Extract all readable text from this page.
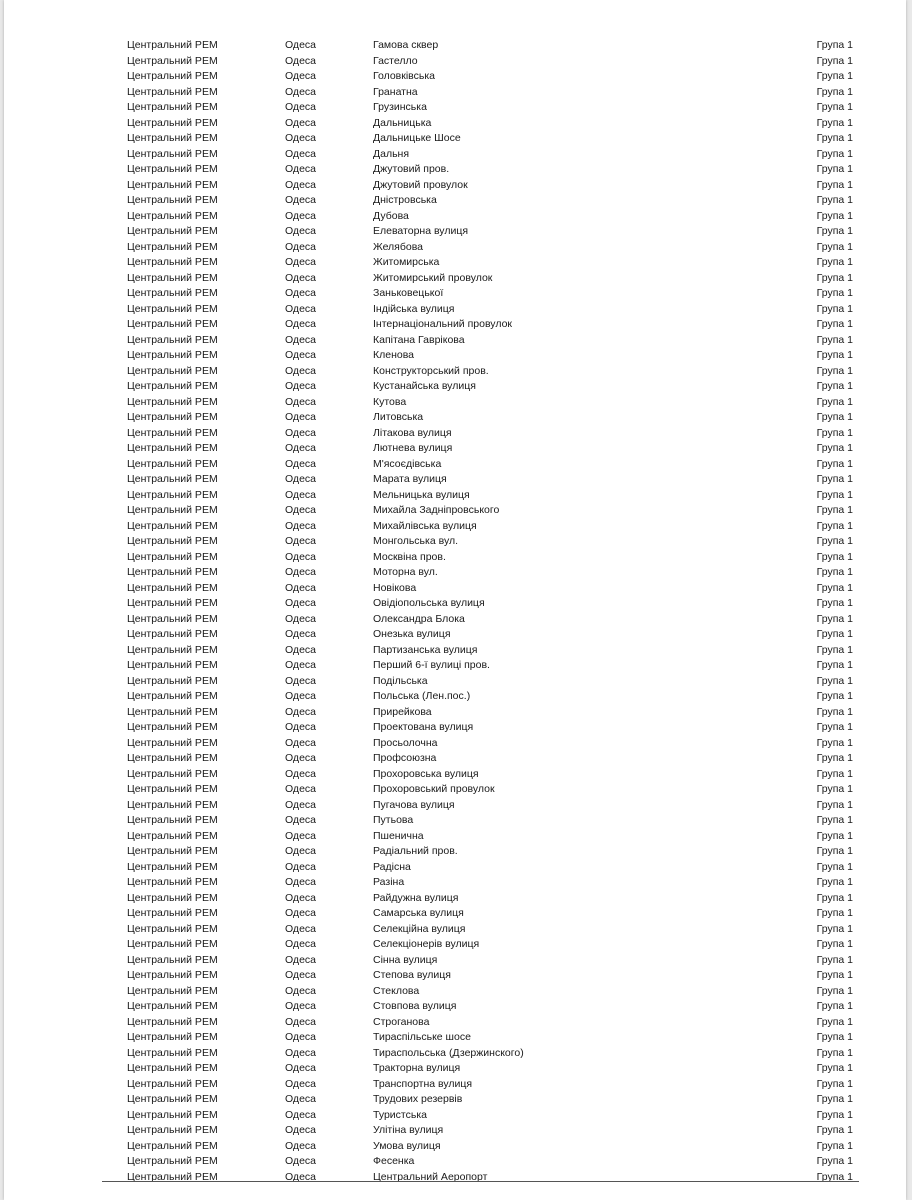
Центральний РЕМ	Одеса	Гамова сквер	Група 1
Центральний РЕМ	Одеса	Гастелло	Група 1
Центральний РЕМ	Одеса	Головківська	Група 1
Центральний РЕМ	Одеса	Гранатна	Група 1
Центральний РЕМ	Одеса	Грузинська	Група 1
Центральний РЕМ	Одеса	Дальницька	Група 1
Центральний РЕМ	Одеса	Дальницьке Шосе	Група 1
Центральний РЕМ	Одеса	Дальня	Група 1
Центральний РЕМ	Одеса	Джутовий пров.	Група 1
Центральний РЕМ	Одеса	Джутовий провулок	Група 1
Центральний РЕМ	Одеса	Дністровська	Група 1
Центральний РЕМ	Одеса	Дубова	Група 1
Центральний РЕМ	Одеса	Елеваторна вулиця	Група 1
Центральний РЕМ	Одеса	Желябова	Група 1
Центральний РЕМ	Одеса	Житомирська	Група 1
Центральний РЕМ	Одеса	Житомирський провулок	Група 1
Центральний РЕМ	Одеса	Заньковецької	Група 1
Центральний РЕМ	Одеса	Індійська вулиця	Група 1
Центральний РЕМ	Одеса	Інтернаціональний провулок	Група 1
Центральний РЕМ	Одеса	Капітана Гаврікова	Група 1
Центральний РЕМ	Одеса	Кленова	Група 1
Центральний РЕМ	Одеса	Конструкторський пров.	Група 1
Центральний РЕМ	Одеса	Кустанайська вулиця	Група 1
Центральний РЕМ	Одеса	Кутова	Група 1
Центральний РЕМ	Одеса	Литовська	Група 1
Центральний РЕМ	Одеса	Літакова вулиця	Група 1
Центральний РЕМ	Одеса	Лютнева вулиця	Група 1
Центральний РЕМ	Одеса	М'ясоєдівська	Група 1
Центральний РЕМ	Одеса	Марата вулиця	Група 1
Центральний РЕМ	Одеса	Мельницька вулиця	Група 1
Центральний РЕМ	Одеса	Михайла Задніпровського	Група 1
Центральний РЕМ	Одеса	Михайлівська вулиця	Група 1
Центральний РЕМ	Одеса	Монгольська вул.	Група 1
Центральний РЕМ	Одеса	Москвіна пров.	Група 1
Центральний РЕМ	Одеса	Моторна вул.	Група 1
Центральний РЕМ	Одеса	Новікова	Група 1
Центральний РЕМ	Одеса	Овідіопольська вулиця	Група 1
Центральний РЕМ	Одеса	Олександра Блока	Група 1
Центральний РЕМ	Одеса	Онезька вулиця	Група 1
Центральний РЕМ	Одеса	Партизанська вулиця	Група 1
Центральний РЕМ	Одеса	Перший 6-ї вулиці пров.	Група 1
Центральний РЕМ	Одеса	Подільська	Група 1
Центральний РЕМ	Одеса	Польська (Лен.пос.)	Група 1
Центральний РЕМ	Одеса	Прирейкова	Група 1
Центральний РЕМ	Одеса	Проектована вулиця	Група 1
Центральний РЕМ	Одеса	Просьолочна	Група 1
Центральний РЕМ	Одеса	Профсоюзна	Група 1
Центральний РЕМ	Одеса	Прохоровська вулиця	Група 1
Центральний РЕМ	Одеса	Прохоровський провулок	Група 1
Центральний РЕМ	Одеса	Пугачова вулиця	Група 1
Центральний РЕМ	Одеса	Путьова	Група 1
Центральний РЕМ	Одеса	Пшенична	Група 1
Центральний РЕМ	Одеса	Радіальний пров.	Група 1
Центральний РЕМ	Одеса	Радісна	Група 1
Центральний РЕМ	Одеса	Разіна	Група 1
Центральний РЕМ	Одеса	Райдужна вулиця	Група 1
Центральний РЕМ	Одеса	Самарська вулиця	Група 1
Центральний РЕМ	Одеса	Селекційна вулиця	Група 1
Центральний РЕМ	Одеса	Селекціонерів вулиця	Група 1
Центральний РЕМ	Одеса	Сінна вулиця	Група 1
Центральний РЕМ	Одеса	Степова вулиця	Група 1
Центральний РЕМ	Одеса	Стеклова	Група 1
Центральний РЕМ	Одеса	Стовпова вулиця	Група 1
Центральний РЕМ	Одеса	Строганова	Група 1
Центральний РЕМ	Одеса	Тираспільське шосе	Група 1
Центральний РЕМ	Одеса	Тираспольська (Дзержинского)	Група 1
Центральний РЕМ	Одеса	Тракторна вулиця	Група 1
Центральний РЕМ	Одеса	Транспортна вулиця	Група 1
Центральний РЕМ	Одеса	Трудових резервів	Група 1
Центральний РЕМ	Одеса	Туристська	Група 1
Центральний РЕМ	Одеса	Улітіна вулиця	Група 1
Центральний РЕМ	Одеса	Умова вулиця	Група 1
Центральний РЕМ	Одеса	Фесенка	Група 1
Центральний РЕМ	Одеса	Центральний Аеропорт	Група 1
